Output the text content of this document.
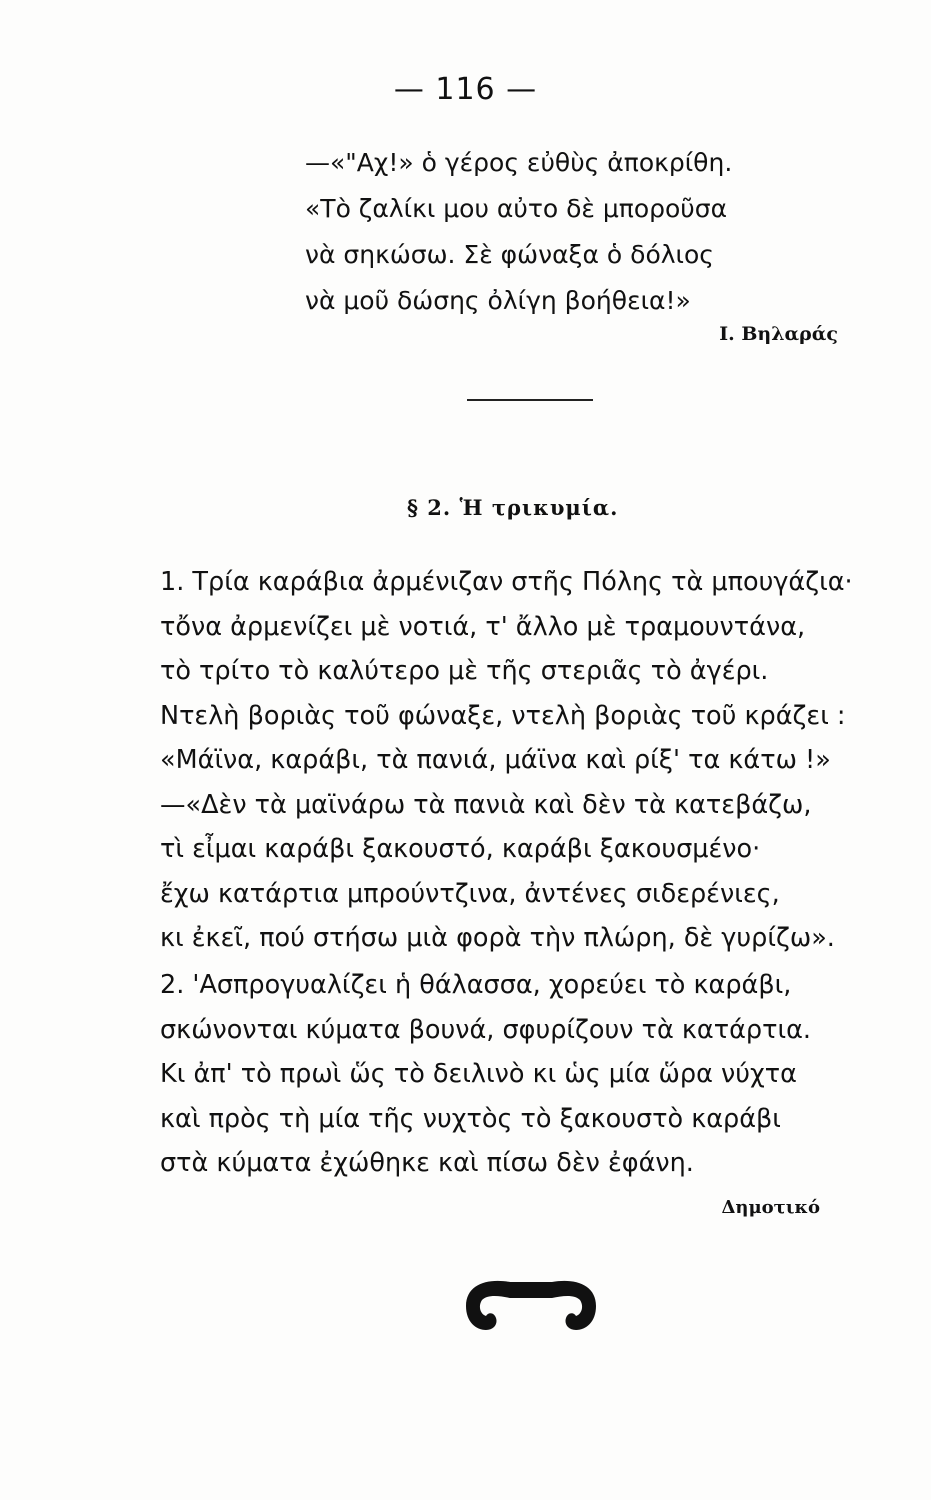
— 116 —
—«"Αχ!» ὁ γέρος εὐθὺς ἀποκρίθη.
«Τὸ ζαλίκι μου αὐτο δὲ μποροῦσα
νὰ σηκώσω. Σὲ φώναξα ὁ δόλιος
νὰ μοῦ δώσης ὀλίγη βοήθεια!»
Ι. Βηλαράς
§ 2. Ἡ τρικυμία.
1. Τρία καράβια ἀρμένιζαν στῆς Πόλης τὰ μπουγάζια·
τὄνα ἀρμενίζει μὲ νοτιά, τ' ἄλλο μὲ τραμουντάνα,
τὸ τρίτο τὸ καλύτερο μὲ τῆς στεριᾶς τὸ ἀγέρι.
Ντελὴ βοριὰς τοῦ φώναξε, ντελὴ βοριὰς τοῦ κράζει :
«Μάϊνα, καράβι, τὰ πανιά, μάϊνα καὶ ρίξ' τα κάτω !»
—«Δὲν τὰ μαϊνάρω τὰ πανιὰ καὶ δὲν τὰ κατεβάζω,
τὶ εἶμαι καράβι ξακουστό, καράβι ξακουσμένο·
ἔχω κατάρτια μπρούντζινα, ἀντένες σιδερένιες,
κι ἐκεῖ, πού στήσω μιὰ φορὰ τὴν πλώρη, δὲ γυρίζω».
2. 'Ασπρογυαλίζει ἡ θάλασσα, χορεύει τὸ καράβι,
σκώνονται κύματα βουνά, σφυρίζουν τὰ κατάρτια.
Κι ἀπ' τὸ πρωὶ ὥς τὸ δειλινὸ κι ὡς μία ὥρα νύχτα
καὶ πρὸς τὴ μία τῆς νυχτὸς τὸ ξακουστὸ καράβι
στὰ κύματα ἐχώθηκε καὶ πίσω δὲν ἐφάνη.
Δημοτικό
